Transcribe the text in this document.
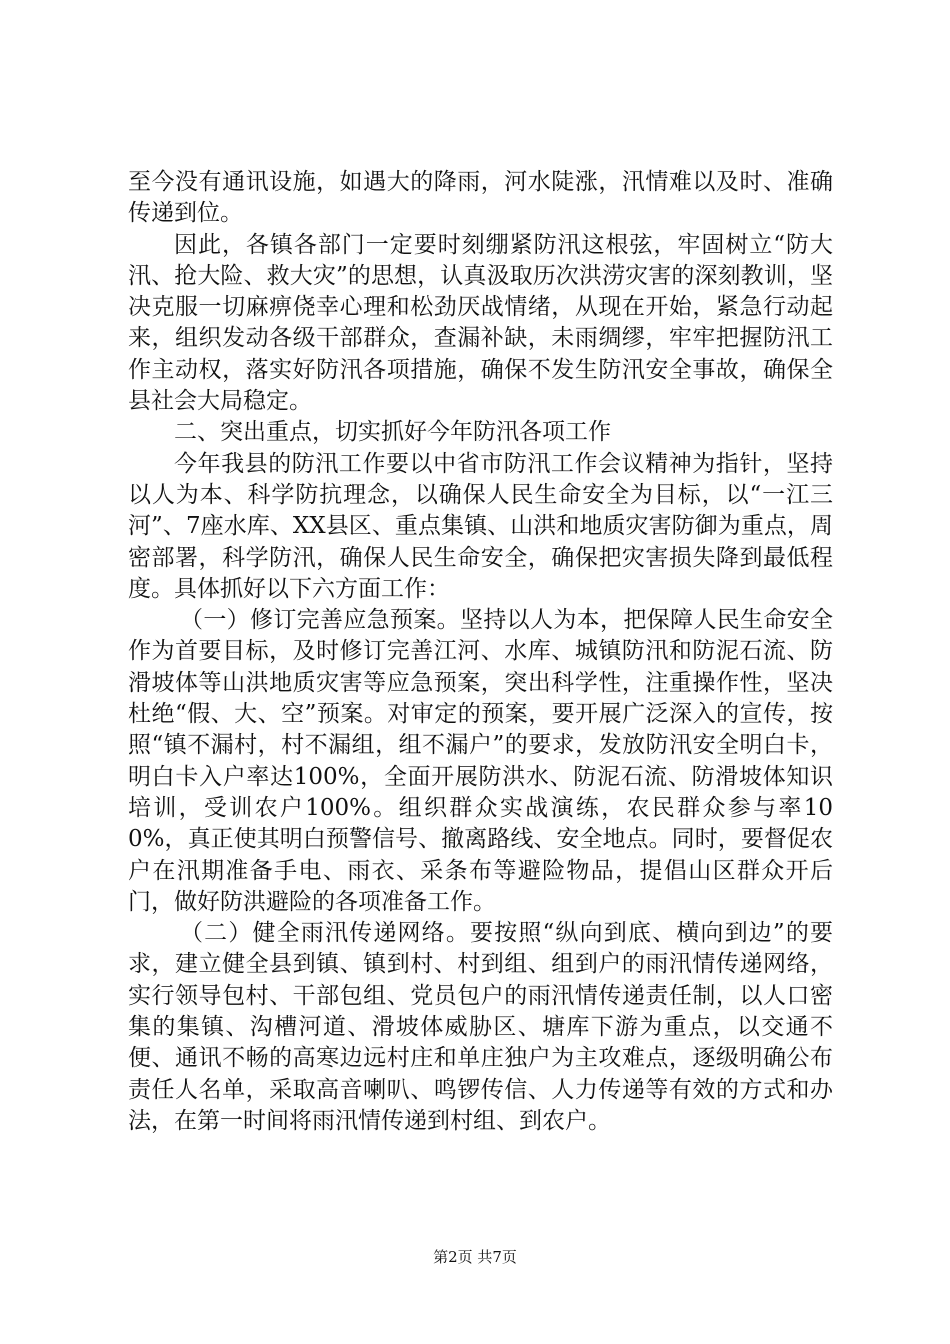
至今没有通讯设施，如遇大的降雨，河水陡涨，汛情难以及时、准确传递到位。

因此，各镇各部门一定要时刻绷紧防汛这根弦，牢固树立“防大汛、抢大险、救大灾”的思想，认真汲取历次洪涝灾害的深刻教训，坚决克服一切麻痹侥幸心理和松劲厌战情绪，从现在开始，紧急行动起来，组织发动各级干部群众，查漏补缺，未雨绸缪，牢牢把握防汛工作主动权，落实好防汛各项措施，确保不发生防汛安全事故，确保全县社会大局稳定。

二、突出重点，切实抓好今年防汛各项工作

今年我县的防汛工作要以中省市防汛工作会议精神为指针，坚持以人为本、科学防抗理念，以确保人民生命安全为目标，以“一江三河”、7座水库、XX县区、重点集镇、山洪和地质灾害防御为重点，周密部署，科学防汛，确保人民生命安全，确保把灾害损失降到最低程度。具体抓好以下六方面工作：

（一）修订完善应急预案。坚持以人为本，把保障人民生命安全作为首要目标，及时修订完善江河、水库、城镇防汛和防泥石流、防滑坡体等山洪地质灾害等应急预案，突出科学性，注重操作性，坚决杜绝“假、大、空”预案。对审定的预案，要开展广泛深入的宣传，按照“镇不漏村，村不漏组，组不漏户”的要求，发放防汛安全明白卡，明白卡入户率达100%，全面开展防洪水、防泥石流、防滑坡体知识培训，受训农户100%。组织群众实战演练，农民群众参与率100%，真正使其明白预警信号、撤离路线、安全地点。同时，要督促农户在汛期准备手电、雨衣、采条布等避险物品，提倡山区群众开后门，做好防洪避险的各项准备工作。

（二）健全雨汛传递网络。要按照“纵向到底、横向到边”的要求，建立健全县到镇、镇到村、村到组、组到户的雨汛情传递网络，实行领导包村、干部包组、党员包户的雨汛情传递责任制，以人口密集的集镇、沟槽河道、滑坡体威胁区、塘库下游为重点，以交通不便、通讯不畅的高寒边远村庄和单庄独户为主攻难点，逐级明确公布责任人名单，采取高音喇叭、鸣锣传信、人力传递等有效的方式和办法，在第一时间将雨汛情传递到村组、到农户。

第2页 共7页
